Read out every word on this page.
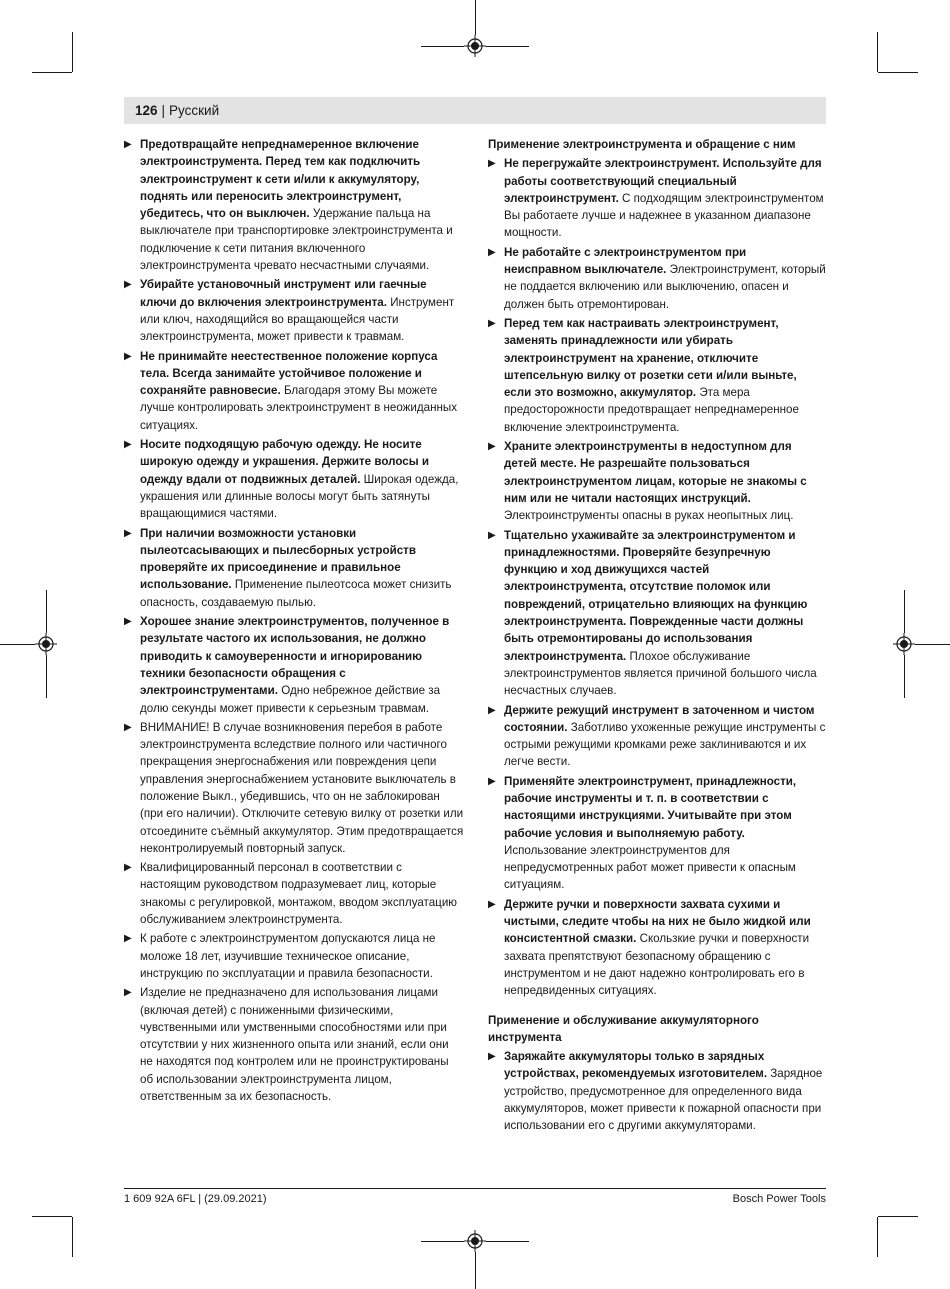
126 | Русский
▶ Предотвращайте непреднамеренное включение электроинструмента. Перед тем как подключить электроинструмент к сети и/или к аккумулятору, поднять или переносить электроинструмент, убедитесь, что он выключен. Удержание пальца на выключателе при транспортировке электроинструмента и подключение к сети питания включенного электроинструмента чревато несчастными случаями.
▶ Убирайте установочный инструмент или гаечные ключи до включения электроинструмента. Инструмент или ключ, находящийся во вращающейся части электроинструмента, может привести к травмам.
▶ Не принимайте неестественное положение корпуса тела. Всегда занимайте устойчивое положение и сохраняйте равновесие. Благодаря этому Вы можете лучше контролировать электроинструмент в неожиданных ситуациях.
▶ Носите подходящую рабочую одежду. Не носите широкую одежду и украшения. Держите волосы и одежду вдали от подвижных деталей. Широкая одежда, украшения или длинные волосы могут быть затянуты вращающимися частями.
▶ При наличии возможности установки пылеотсасывающих и пылесборных устройств проверяйте их присоединение и правильное использование. Применение пылеотсоса может снизить опасность, создаваемую пылью.
▶ Хорошее знание электроинструментов, полученное в результате частого их использования, не должно приводить к самоуверенности и игнорированию техники безопасности обращения с электроинструментами. Одно небрежное действие за долю секунды может привести к серьезным травмам.
▶ ВНИМАНИЕ! В случае возникновения перебоя в работе электроинструмента вследствие полного или частичного прекращения энергоснабжения или повреждения цепи управления энергоснабжением установите выключатель в положение Выкл., убедившись, что он не заблокирован (при его наличии). Отключите сетевую вилку от розетки или отсоедините съёмный аккумулятор. Этим предотвращается неконтролируемый повторный запуск.
▶ Квалифицированный персонал в соответствии с настоящим руководством подразумевает лиц, которые знакомы с регулировкой, монтажом, вводом эксплуатацию обслуживанием электроинструмента.
▶ К работе с электроинструментом допускаются лица не моложе 18 лет, изучившие техническое описание, инструкцию по эксплуатации и правила безопасности.
▶ Изделие не предназначено для использования лицами (включая детей) с пониженными физическими, чувственными или умственными способностями или при отсутствии у них жизненного опыта или знаний, если они не находятся под контролем или не проинструктированы об использовании электроинструмента лицом, ответственным за их безопасность.
Применение электроинструмента и обращение с ним
▶ Не перегружайте электроинструмент. Используйте для работы соответствующий специальный электроинструмент. С подходящим электроинструментом Вы работаете лучше и надежнее в указанном диапазоне мощности.
▶ Не работайте с электроинструментом при неисправном выключателе. Электроинструмент, который не поддается включению или выключению, опасен и должен быть отремонтирован.
▶ Перед тем как настраивать электроинструмент, заменять принадлежности или убирать электроинструмент на хранение, отключите штепсельную вилку от розетки сети и/или выньте, если это возможно, аккумулятор. Эта мера предосторожности предотвращает непреднамеренное включение электроинструмента.
▶ Храните электроинструменты в недоступном для детей месте. Не разрешайте пользоваться электроинструментом лицам, которые не знакомы с ним или не читали настоящих инструкций. Электроинструменты опасны в руках неопытных лиц.
▶ Тщательно ухаживайте за электроинструментом и принадлежностями. Проверяйте безупречную функцию и ход движущихся частей электроинструмента, отсутствие поломок или повреждений, отрицательно влияющих на функцию электроинструмента. Поврежденные части должны быть отремонтированы до использования электроинструмента. Плохое обслуживание электроинструментов является причиной большого числа несчастных случаев.
▶ Держите режущий инструмент в заточенном и чистом состоянии. Заботливо ухоженные режущие инструменты с острыми режущими кромками реже заклиниваются и их легче вести.
▶ Применяйте электроинструмент, принадлежности, рабочие инструменты и т. п. в соответствии с настоящими инструкциями. Учитывайте при этом рабочие условия и выполняемую работу. Использование электроинструментов для непредусмотренных работ может привести к опасным ситуациям.
▶ Держите ручки и поверхности захвата сухими и чистыми, следите чтобы на них не было жидкой или консистентной смазки. Скользкие ручки и поверхности захвата препятствуют безопасному обращению с инструментом и не дают надежно контролировать его в непредвиденных ситуациях.
Применение и обслуживание аккумуляторного инструмента
▶ Заряжайте аккумуляторы только в зарядных устройствах, рекомендуемых изготовителем. Зарядное устройство, предусмотренное для определенного вида аккумуляторов, может привести к пожарной опасности при использовании его с другими аккумуляторами.
1 609 92A 6FL | (29.09.2021)	Bosch Power Tools
